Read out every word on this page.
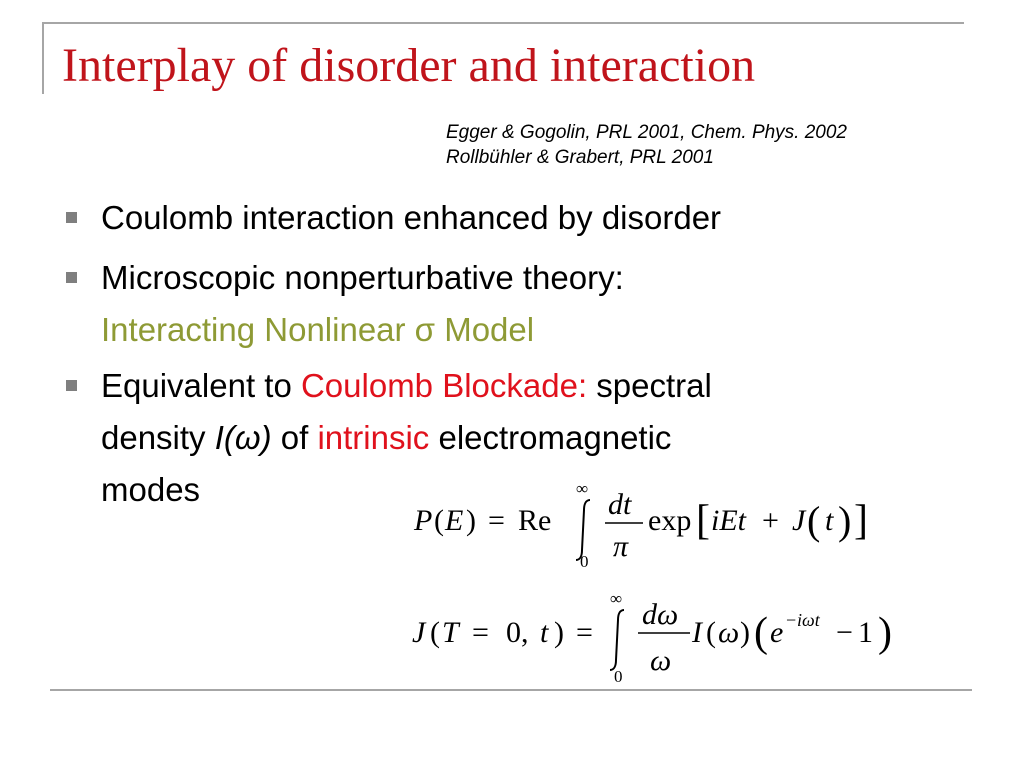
Interplay of disorder and interaction
Egger & Gogolin, PRL 2001, Chem. Phys. 2002
Rollbühler & Grabert, PRL 2001
Coulomb interaction enhanced by disorder
Microscopic nonperturbative theory:
Interacting Nonlinear σ Model
Equivalent to Coulomb Blockade: spectral
density I(ω) of intrinsic electromagnetic
modes
P ( E ) = Re
∞
0
dt
π
exp [ iEt + J ( t ) ]
J ( T = 0, t ) =
∞
0
dω
ω
I ( ω ) ( e − iωt − 1 )
